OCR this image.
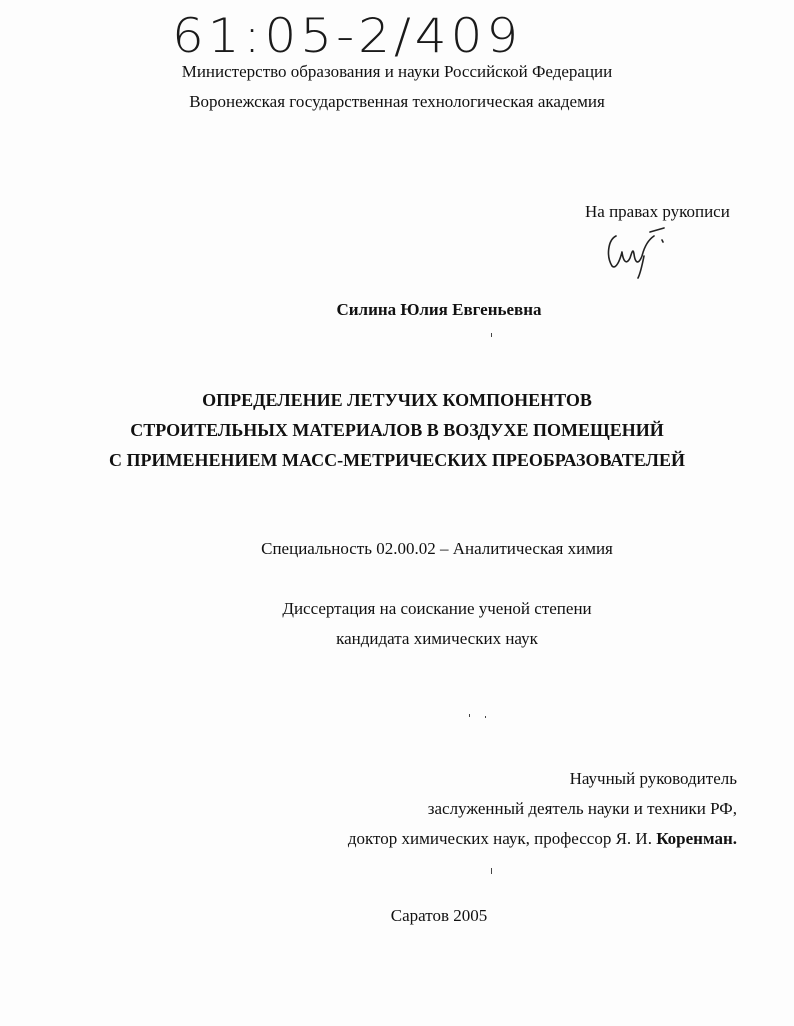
61:05-2/409
Министерство образования и науки Российской Федерации
Воронежская государственная технологическая академия
На правах рукописи
Силина Юлия Евгеньевна
ОПРЕДЕЛЕНИЕ ЛЕТУЧИХ КОМПОНЕНТОВ
СТРОИТЕЛЬНЫХ МАТЕРИАЛОВ В ВОЗДУХЕ ПОМЕЩЕНИЙ
С ПРИМЕНЕНИЕМ МАСС-МЕТРИЧЕСКИХ ПРЕОБРАЗОВАТЕЛЕЙ
Специальность 02.00.02 – Аналитическая химия
Диссертация на соискание ученой степени
кандидата химических наук
Научный руководитель
заслуженный деятель науки и техники РФ,
доктор химических наук, профессор Я. И. Коренман.
Саратов 2005
